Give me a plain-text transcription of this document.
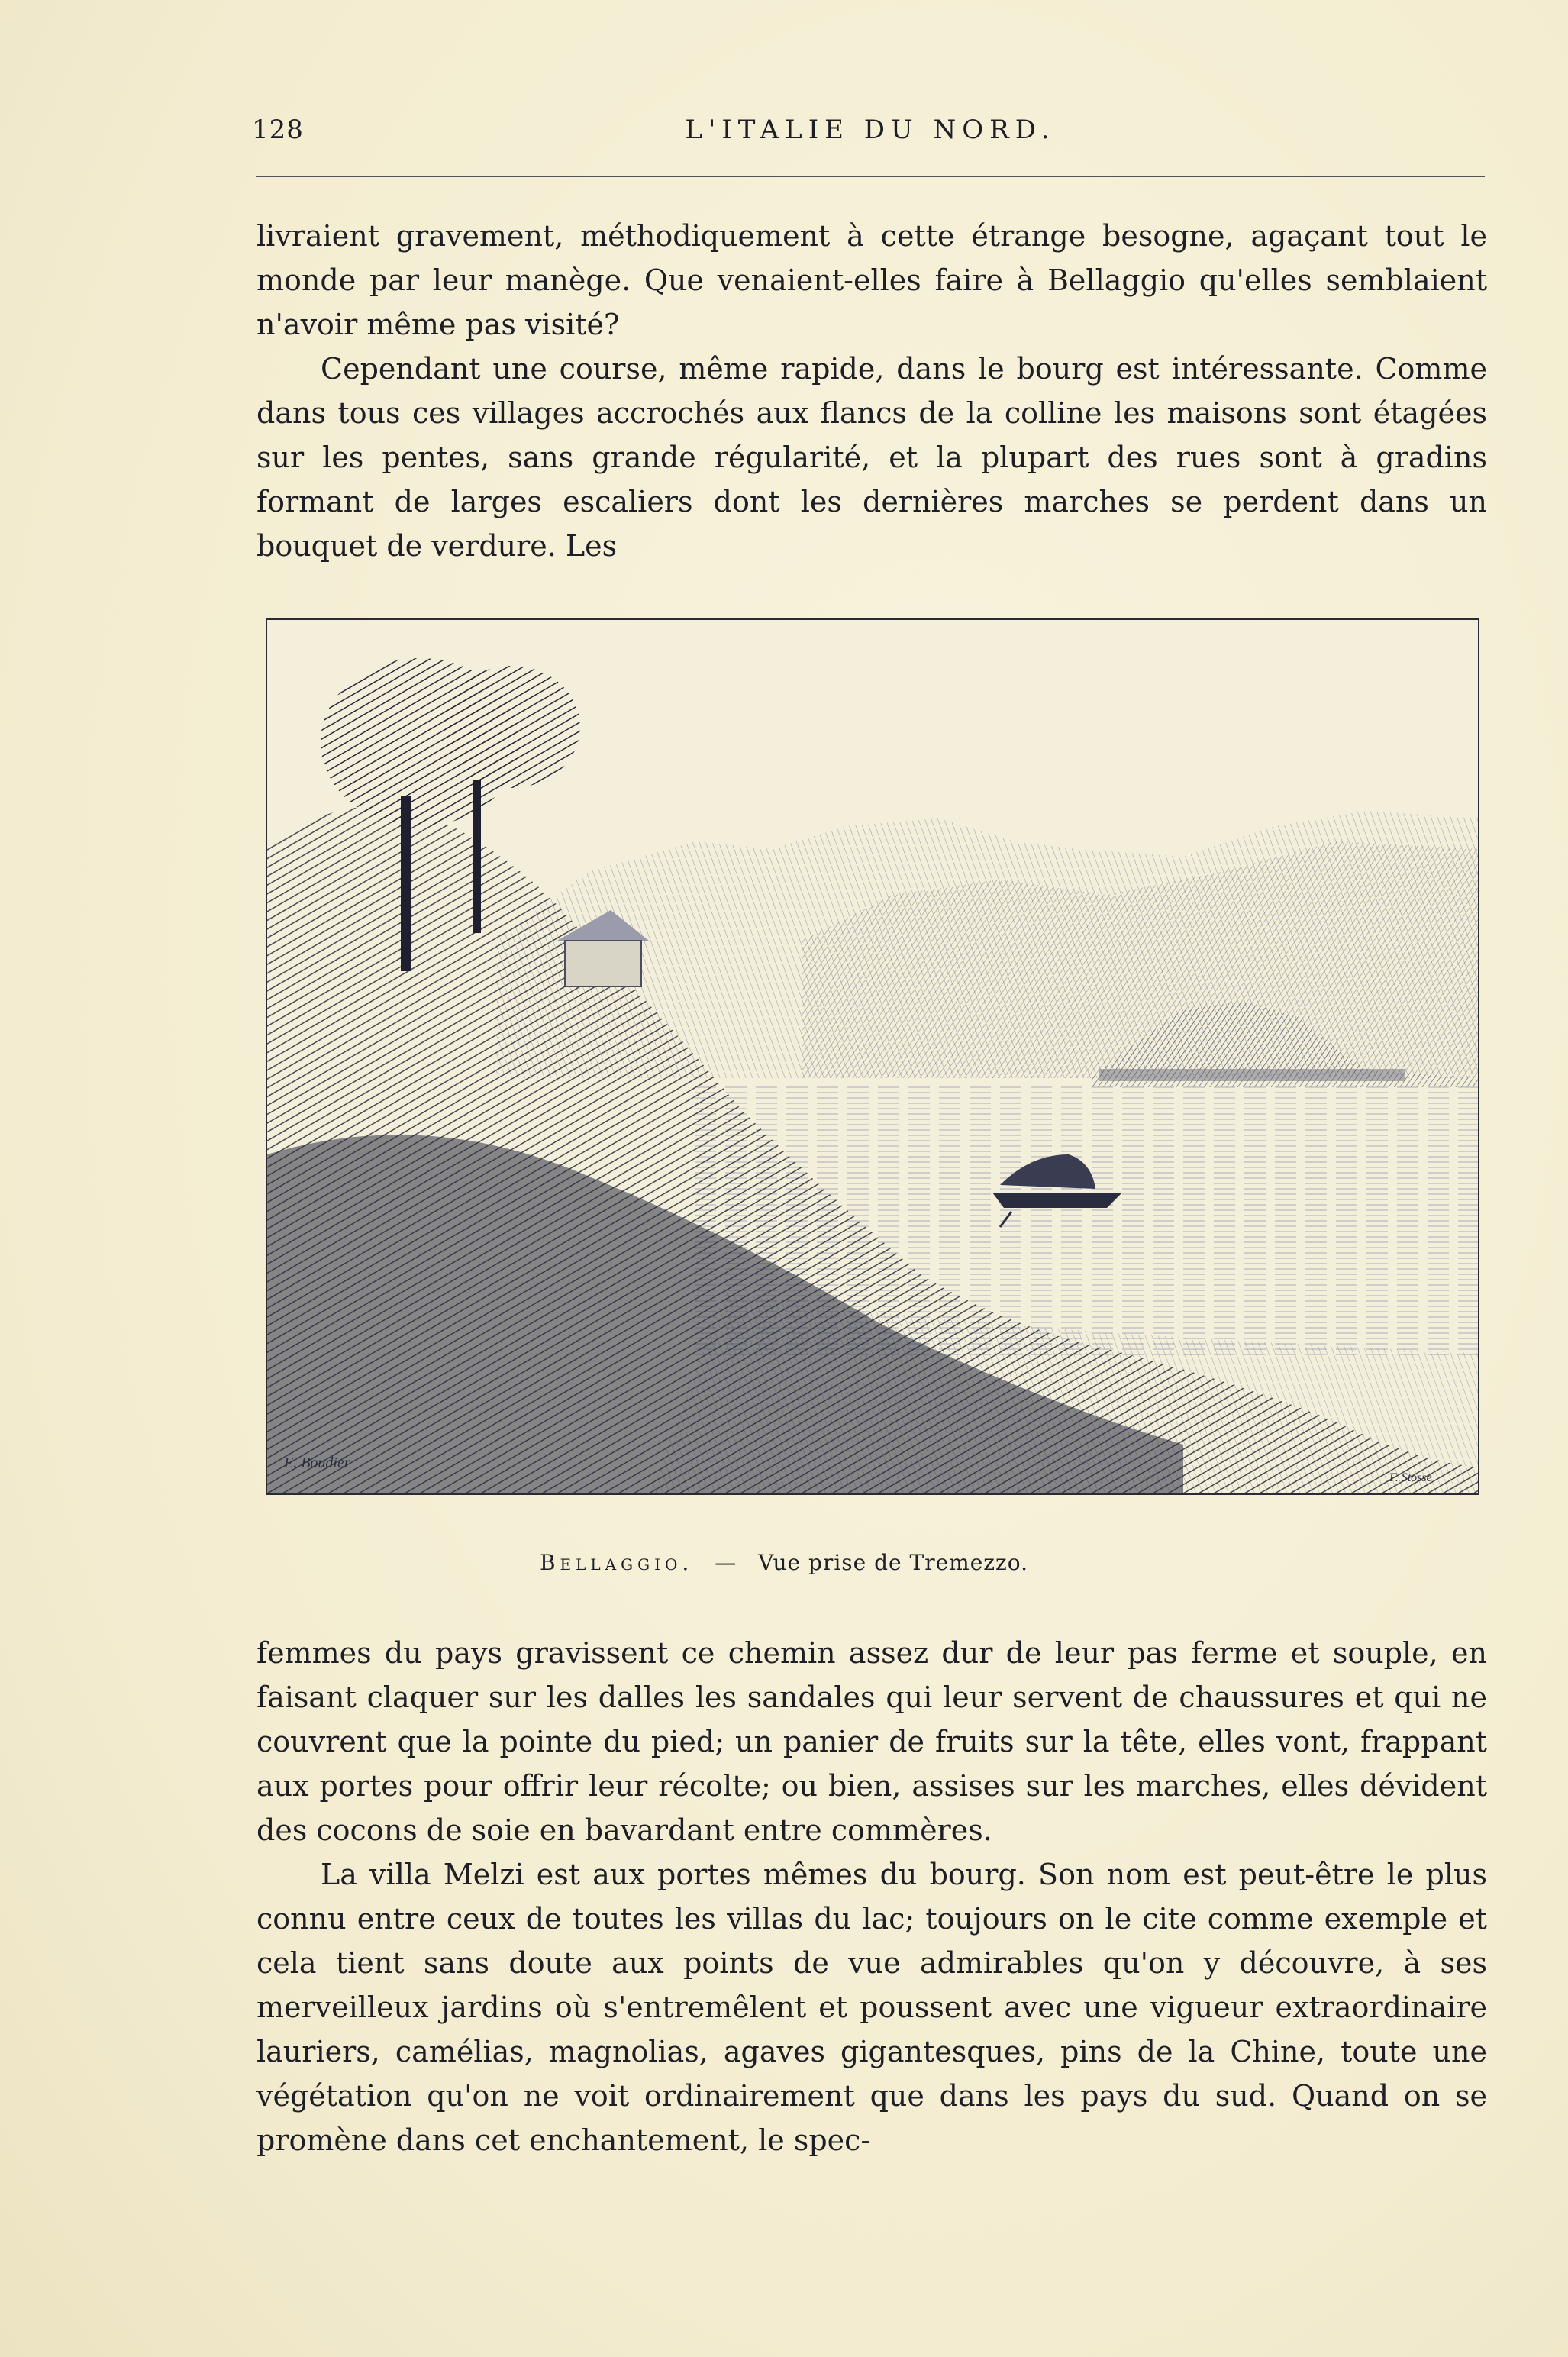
128	L'ITALIE DU NORD.

livraient gravement, méthodiquement à cette étrange besogne, agaçant tout le monde par leur manège. Que venaient-elles faire à Bellaggio qu'elles semblaient n'avoir même pas visité?

Cependant une course, même rapide, dans le bourg est intéressante. Comme dans tous ces villages accrochés aux flancs de la colline les maisons sont étagées sur les pentes, sans grande régularité, et la plupart des rues sont à gradins formant de larges escaliers dont les dernières marches se perdent dans un bouquet de verdure. Les

E. Boudier
F. Stosse
Bellaggio. — Vue prise de Tremezzo.

femmes du pays gravissent ce chemin assez dur de leur pas ferme et souple, en faisant claquer sur les dalles les sandales qui leur servent de chaussures et qui ne couvrent que la pointe du pied; un panier de fruits sur la tête, elles vont, frappant aux portes pour offrir leur récolte; ou bien, assises sur les marches, elles dévident des cocons de soie en bavardant entre commères.

La villa Melzi est aux portes mêmes du bourg. Son nom est peut-être le plus connu entre ceux de toutes les villas du lac; toujours on le cite comme exemple et cela tient sans doute aux points de vue admirables qu'on y découvre, à ses merveilleux jardins où s'entremêlent et poussent avec une vigueur extraordinaire lauriers, camélias, magnolias, agaves gigantesques, pins de la Chine, toute une végétation qu'on ne voit ordinairement que dans les pays du sud. Quand on se promène dans cet enchantement, le spec-
